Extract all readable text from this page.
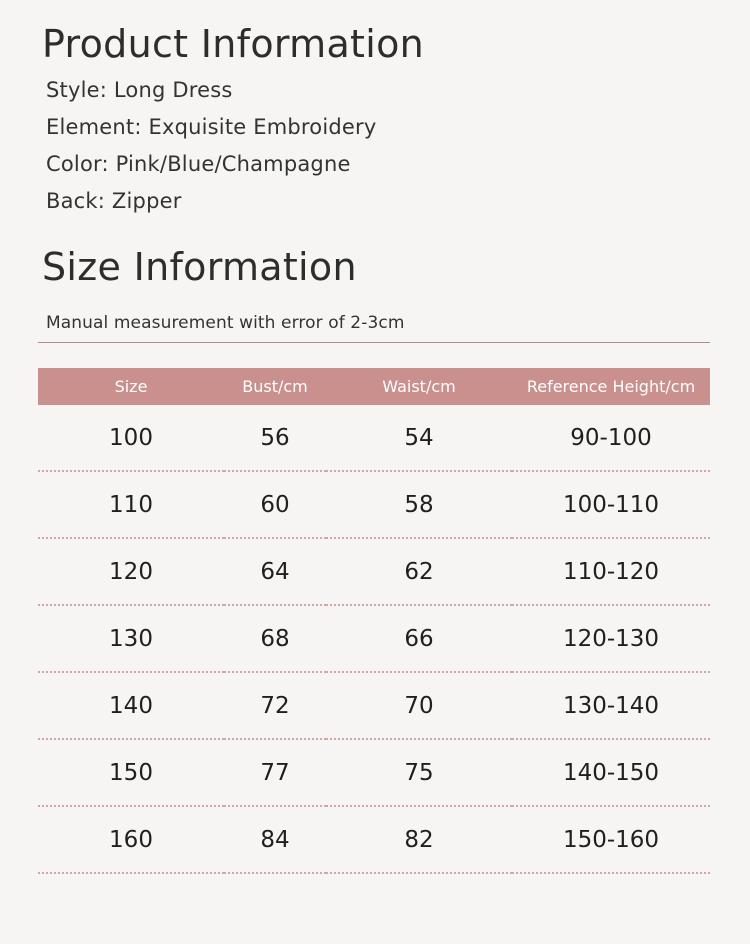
Product Information
Style: Long Dress
Element: Exquisite Embroidery
Color: Pink/Blue/Champagne
Back: Zipper
Size Information
Manual measurement with error of 2-3cm
Size	Bust/cm	Waist/cm	Reference Height/cm
100	56	54	90-100
110	60	58	100-110
120	64	62	110-120
130	68	66	120-130
140	72	70	130-140
150	77	75	140-150
160	84	82	150-160
